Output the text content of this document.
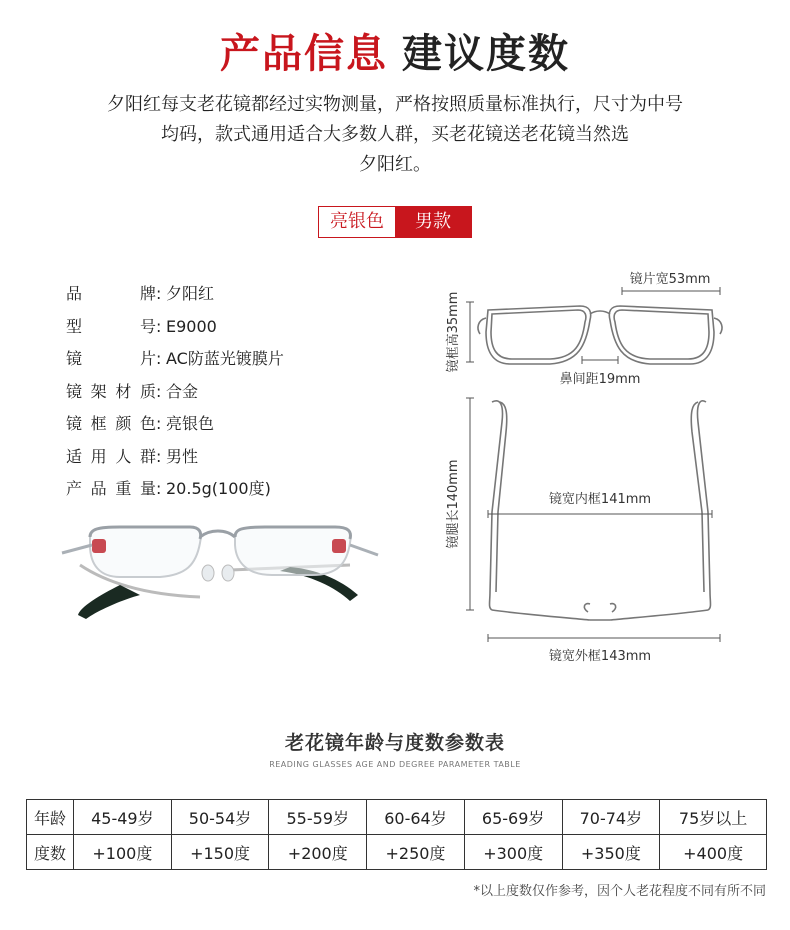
产品信息 建议度数
夕阳红每支老花镜都经过实物测量，严格按照质量标准执行，尺寸为中号
均码，款式通用适合大多数人群，买老花镜送老花镜当然选
夕阳红。
亮银色	男款
品牌 : 夕阳红
型号 : E9000
镜片 : AC防蓝光镀膜片
镜架材质 : 合金
镜框颜色 : 亮银色
适用人群 : 男性
产品重量 : 20.5g(100度)
镜片宽53mm
镜框高35mm
鼻间距19mm
镜腿长140mm	镜宽内框141mm
镜宽外框143mm
老花镜年龄与度数参数表
READING GLASSES AGE AND DEGREE PARAMETER TABLE
年龄	45-49岁	50-54岁	55-59岁	60-64岁	65-69岁	70-74岁	75岁以上
度数	+100度	+150度	+200度	+250度	+300度	+350度	+400度
*以上度数仅作参考，因个人老花程度不同有所不同
